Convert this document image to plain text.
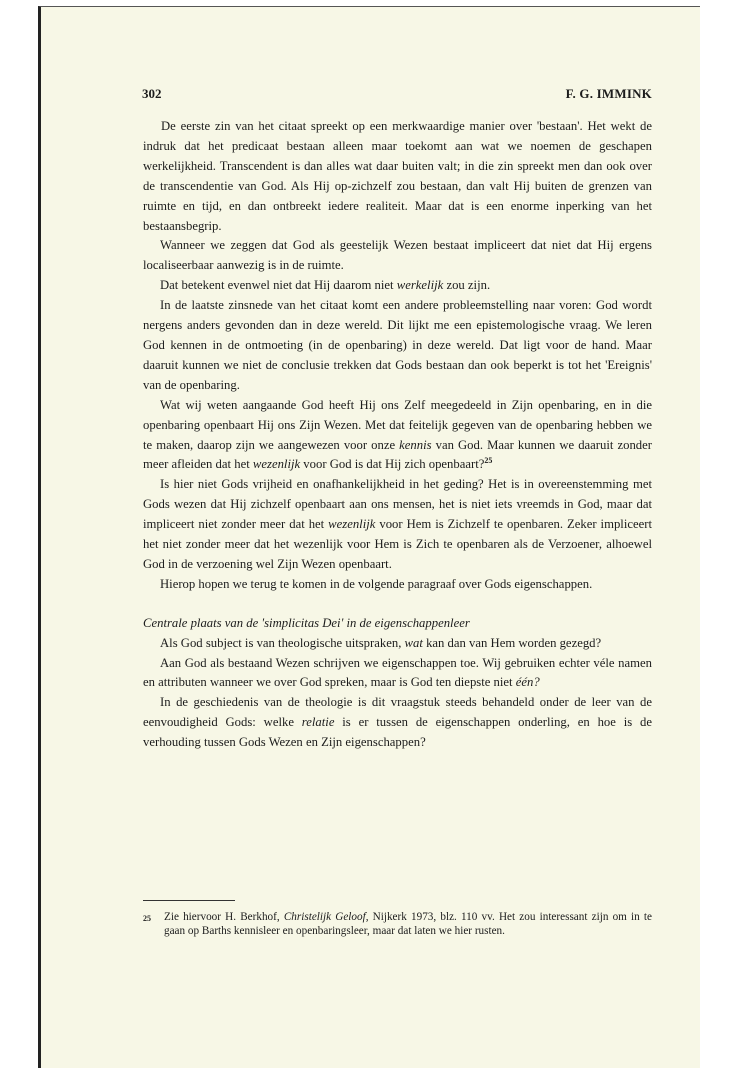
302	F. G. IMMINK

De eerste zin van het citaat spreekt op een merkwaardige manier over 'bestaan'. Het wekt de indruk dat het predicaat bestaan alleen maar toekomt aan wat we noemen de geschapen werkelijkheid. Transcendent is dan alles wat daar buiten valt; in die zin spreekt men dan ook over de transcendentie van God. Als Hij op-zichzelf zou bestaan, dan valt Hij buiten de grenzen van ruimte en tijd, en dan ontbreekt iedere realiteit. Maar dat is een enorme inperking van het bestaansbegrip.

Wanneer we zeggen dat God als geestelijk Wezen bestaat impliceert dat niet dat Hij ergens localiseerbaar aanwezig is in de ruimte.

Dat betekent evenwel niet dat Hij daarom niet werkelijk zou zijn.

In de laatste zinsnede van het citaat komt een andere probleemstelling naar voren: God wordt nergens anders gevonden dan in deze wereld. Dit lijkt me een epistemologische vraag. We leren God kennen in de ontmoeting (in de openbaring) in deze wereld. Dat ligt voor de hand. Maar daaruit kunnen we niet de conclusie trekken dat Gods bestaan dan ook beperkt is tot het 'Ereignis' van de openbaring.

Wat wij weten aangaande God heeft Hij ons Zelf meegedeeld in Zijn openbaring, en in die openbaring openbaart Hij ons Zijn Wezen. Met dat feitelijk gegeven van de openbaring hebben we te maken, daarop zijn we aangewezen voor onze kennis van God. Maar kunnen we daaruit zonder meer afleiden dat het wezenlijk voor God is dat Hij zich openbaart?$^{25}$

Is hier niet Gods vrijheid en onafhankelijkheid in het geding? Het is in overeenstemming met Gods wezen dat Hij zichzelf openbaart aan ons mensen, het is niet iets vreemds in God, maar dat impliceert niet zonder meer dat het wezenlijk voor Hem is Zichzelf te openbaren. Zeker impliceert het niet zonder meer dat het wezenlijk voor Hem is Zich te openbaren als de Verzoener, alhoewel God in de verzoening wel Zijn Wezen openbaart.

Hierop hopen we terug te komen in de volgende paragraaf over Gods eigenschappen.

Centrale plaats van de 'simplicitas Dei' in de eigenschappenleer

Als God subject is van theologische uitspraken, wat kan dan van Hem worden gezegd?

Aan God als bestaand Wezen schrijven we eigenschappen toe. Wij gebruiken echter véle namen en attributen wanneer we over God spreken, maar is God ten diepste niet één?

In de geschiedenis van de theologie is dit vraagstuk steeds behandeld onder de leer van de eenvoudigheid Gods: welke relatie is er tussen de eigenschappen onderling, en hoe is de verhouding tussen Gods Wezen en Zijn eigenschappen?

25 Zie hiervoor H. Berkhof, Christelijk Geloof, Nijkerk 1973, blz. 110 vv. Het zou interessant zijn om in te gaan op Barths kennisleer en openbaringsleer, maar dat laten we hier rusten.
